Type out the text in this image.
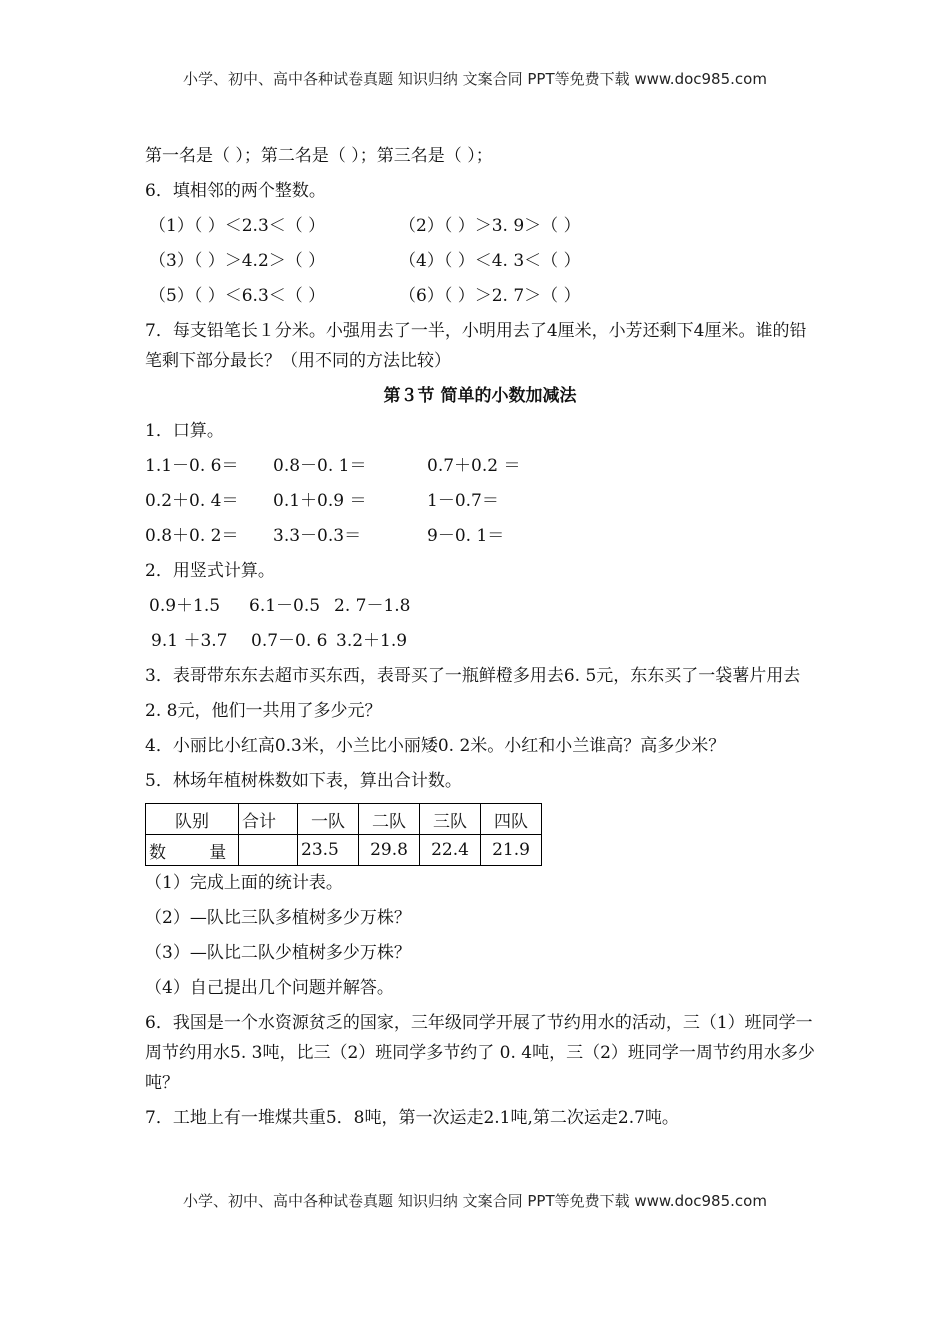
小学、初中、高中各种试卷真题 知识归纳 文案合同 PPT等免费下载 www.doc985.com
第一名是（ ）；第二名是（ ）；第三名是（ ）；
6．填相邻的两个整数。
（1）（ ）＜2.3＜（ ）	（2）（ ）＞3. 9＞（ ）
（3）（ ）＞4.2＞（ ）	（4）（ ）＜4. 3＜（ ）
（5）（ ）＜6.3＜（ ）	（6）（ ）＞2. 7＞（ ）
7．每支铅笔长１分米。小强用去了一半，小明用去了4厘米，小芳还剩下4厘米。谁的铅笔剩下部分最长？（用不同的方法比较）
第３节 简单的小数加减法
1．口算。
1.1－0. 6＝	0.8－0. 1＝	0.7＋0.2 ＝
0.2＋0. 4＝	0.1＋0.9 ＝	1－0.7＝
0.8＋0. 2＝	3.3－0.3＝	9－0. 1＝
2．用竖式计算。
0.9＋1.5	6.1－0.5 2. 7－1.8
9.1 ＋3.7	0.7－0. 6 3.2＋1.9
3．表哥带东东去超市买东西，表哥买了一瓶鲜橙多用去6. 5元，东东买了一袋薯片用去
2. 8元，他们一共用了多少元？
4．小丽比小红高0.3米，小兰比小丽矮0. 2米。小红和小兰谁高？高多少米？
5．林场年植树株数如下表，算出合计数。
队别	合计	一队	二队	三队	四队
数        量		23.5	29.8	22.4	21.9
（1）完成上面的统计表。
（2）—队比三队多植树多少万株？
（3）—队比二队少植树多少万株？
（4）自己提出几个问题并解答。
6．我国是一个水资源贫乏的国家，三年级同学开展了节约用水的活动，三（1）班同学一周节约用水5. 3吨，比三（2）班同学多节约了 0. 4吨，三（2）班同学一周节约用水多少吨？
7．工地上有一堆煤共重5．8吨，第一次运走2.1吨,第二次运走2.7吨。
小学、初中、高中各种试卷真题 知识归纳 文案合同 PPT等免费下载 www.doc985.com
